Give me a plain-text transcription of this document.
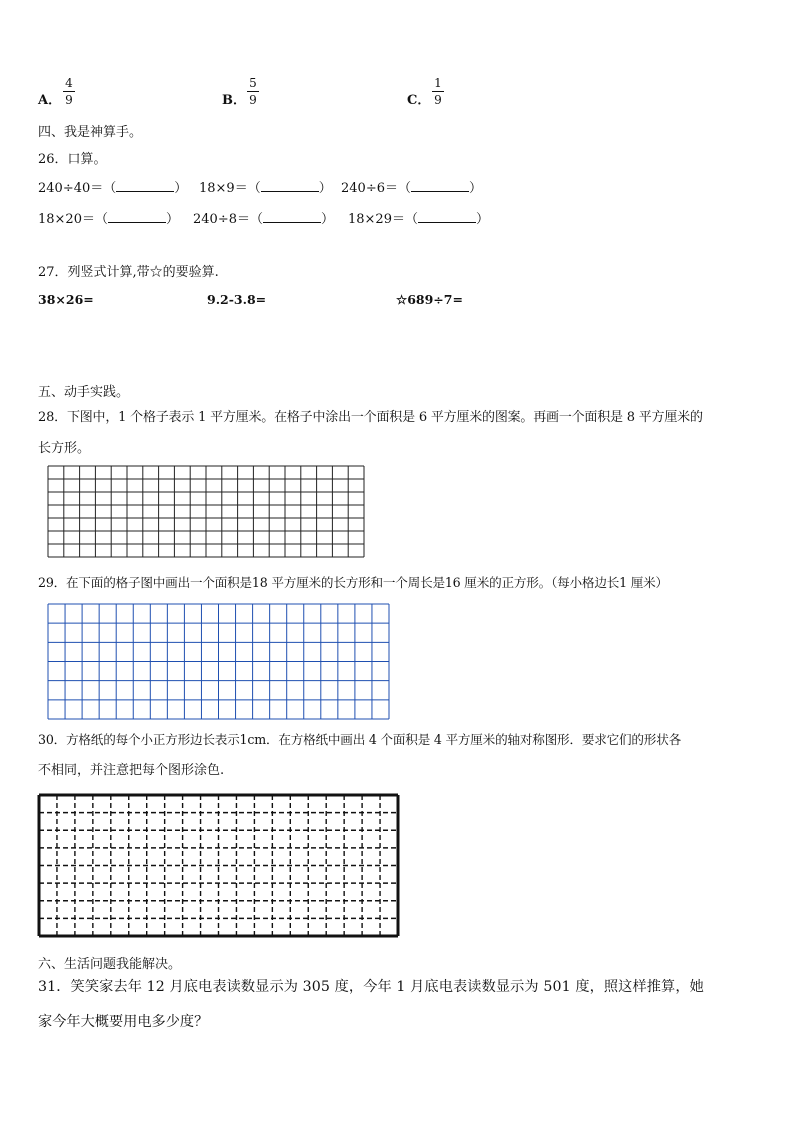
A．
4
9	B．
5
9	C．
1
9
四、我是神算手。
26．口算。
240÷40＝（	） 18×9＝（	） 240÷6＝（	）
18×20＝（	） 240÷8＝（	） 18×29＝（	）
27．列竖式计算,带☆的要验算.
38×26=	9.2-3.8=	☆689÷7=
五、动手实践。
28．下图中，1 个格子表示 1 平方厘米。在格子中涂出一个面积是 6 平方厘米的图案。再画一个面积是 8 平方厘米的
长方形。
29．在下面的格子图中画出一个面积是18 平方厘米的长方形和一个周长是16 厘米的正方形。（每小格边长1 厘米）
30．方格纸的每个小正方形边长表示1cm．在方格纸中画出 4 个面积是 4 平方厘米的轴对称图形．要求它们的形状各
不相同，并注意把每个图形涂色.
六、生活问题我能解决。
31．笑笑家去年 12 月底电表读数显示为 305 度，今年 1 月底电表读数显示为 501 度，照这样推算，她
家今年大概要用电多少度？
